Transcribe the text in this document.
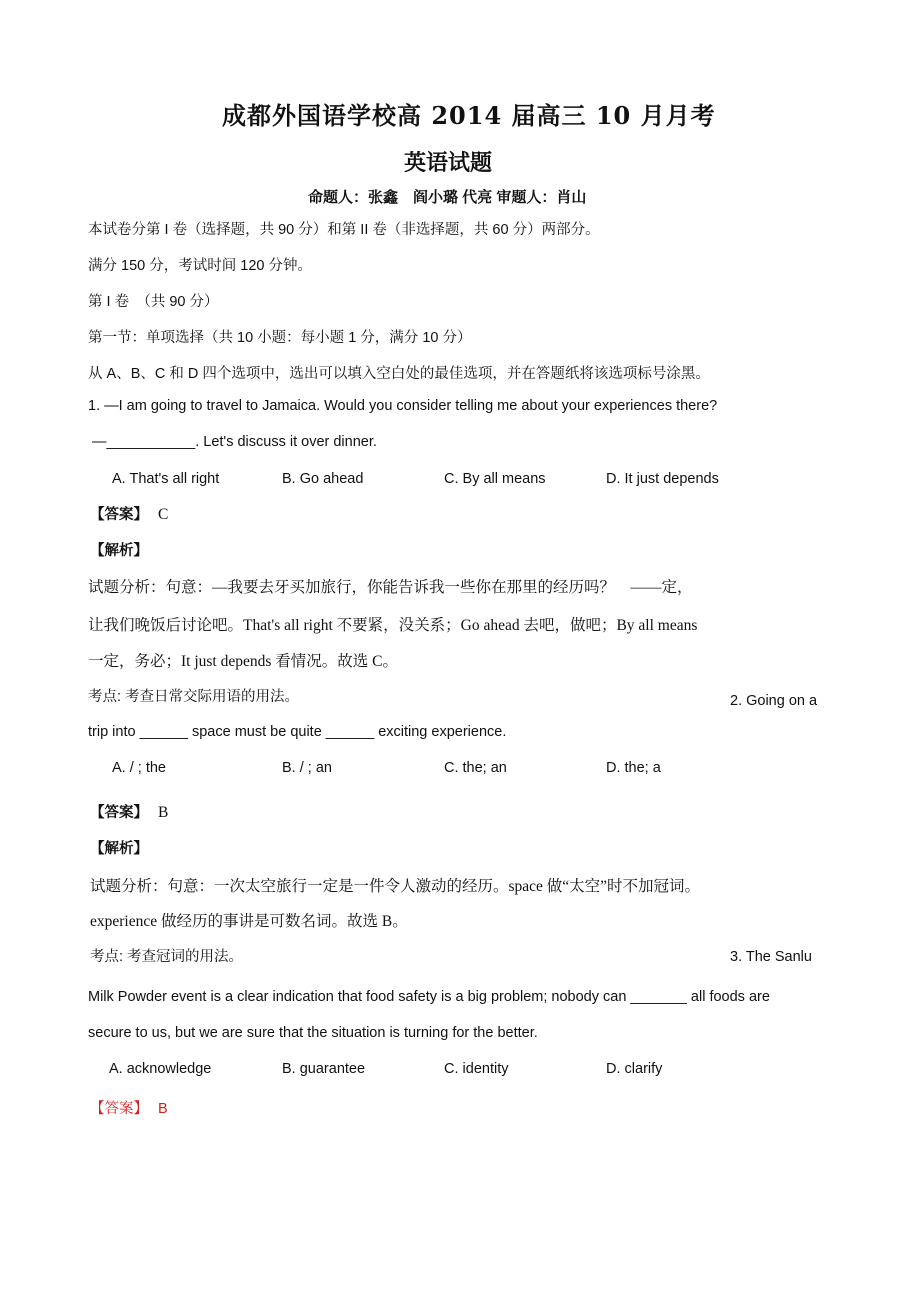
成都外国语学校高 2014 届高三 10 月月考
英语试题
命题人：张鑫　阎小璐 代亮 审题人：肖山
本试卷分第 I 卷（选择题，共 90 分）和第 II 卷（非选择题，共 60 分）两部分。
满分 150 分，考试时间 120 分钟。
第 I 卷　（共 90 分）
第一节：单项选择（共 10 小题：每小题 1 分，满分 10 分）
从 A、B、C 和 D 四个选项中，选出可以填入空白处的最佳选项，并在答题纸将该选项标号涂黑。
1. —I am going to travel to Jamaica. Would you consider telling me about your experiences there?
—___________. Let's discuss it over dinner.
A. That's all right	B. Go ahead	C. By all means	D. It just depends
【答案】 C
【解析】
试题分析：句意：—我要去牙买加旅行，你能告诉我一些你在那里的经历吗？　——定，
让我们晚饭后讨论吧。That's all right 不要紧，没关系；Go ahead 去吧，做吧；By all means
一定，务必；It just depends 看情况。故选 C。
考点: 考查日常交际用语的用法。	2. Going on a
trip into ______ space must be quite ______ exciting experience.
A. / ; the	B. / ; an	C. the; an	D. the; a
【答案】 B
【解析】
试题分析：句意：一次太空旅行一定是一件令人激动的经历。space 做“太空”时不加冠词。
experience 做经历的事讲是可数名词。故选 B。
考点: 考查冠词的用法。	3. The Sanlu
Milk Powder event is a clear indication that food safety is a big problem; nobody can _______ all foods are
secure to us, but we are sure that the situation is turning for the better.
A. acknowledge	B. guarantee	C. identity	D. clarify
【答案】 B
